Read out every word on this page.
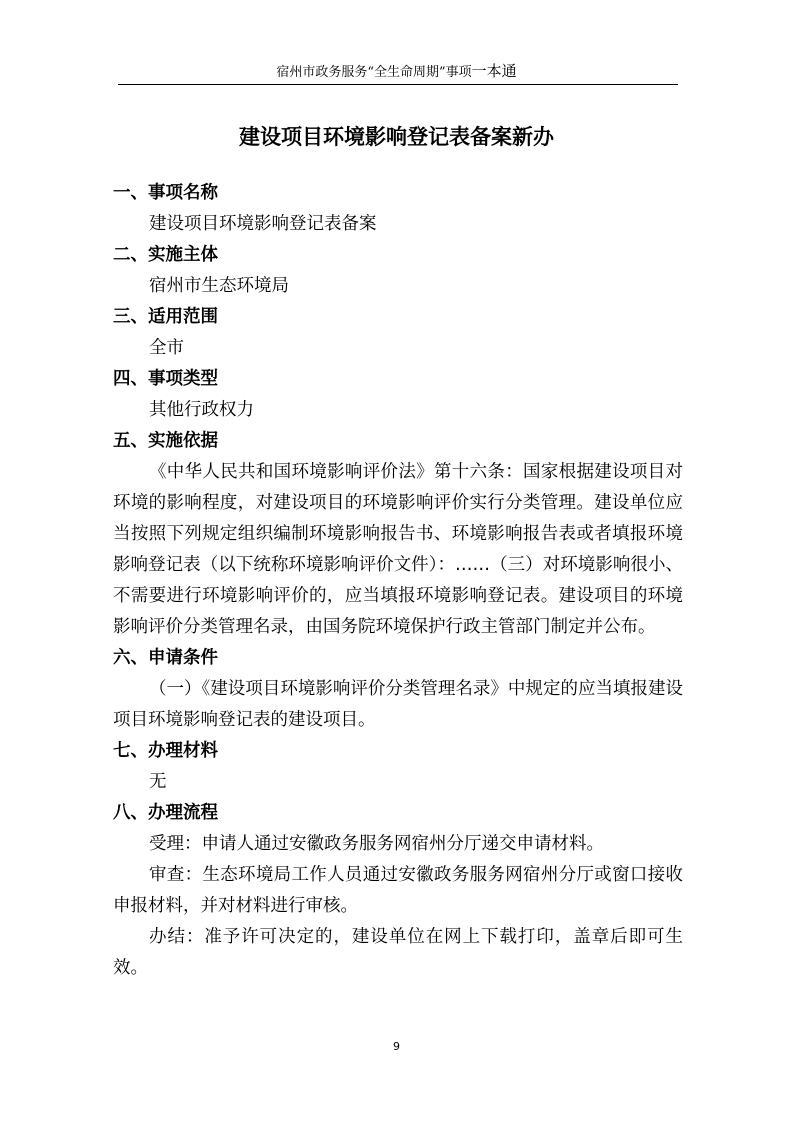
宿州市政务服务“全生命周期”事项一本通
建设项目环境影响登记表备案新办
一、事项名称

建设项目环境影响登记表备案

二、实施主体

宿州市生态环境局

三、适用范围

全市

四、事项类型

其他行政权力

五、实施依据

《中华人民共和国环境影响评价法》第十六条：国家根据建设项目对环境的影响程度，对建设项目的环境影响评价实行分类管理。建设单位应当按照下列规定组织编制环境影响报告书、环境影响报告表或者填报环境影响登记表（以下统称环境影响评价文件）：……（三）对环境影响很小、不需要进行环境影响评价的，应当填报环境影响登记表。建设项目的环境影响评价分类管理名录，由国务院环境保护行政主管部门制定并公布。

六、申请条件

（一）《建设项目环境影响评价分类管理名录》中规定的应当填报建设项目环境影响登记表的建设项目。

七、办理材料

无

八、办理流程

受理：申请人通过安徽政务服务网宿州分厅递交申请材料。

审查：生态环境局工作人员通过安徽政务服务网宿州分厅或窗口接收申报材料，并对材料进行审核。

办结：准予许可决定的，建设单位在网上下载打印，盖章后即可生效。

9
